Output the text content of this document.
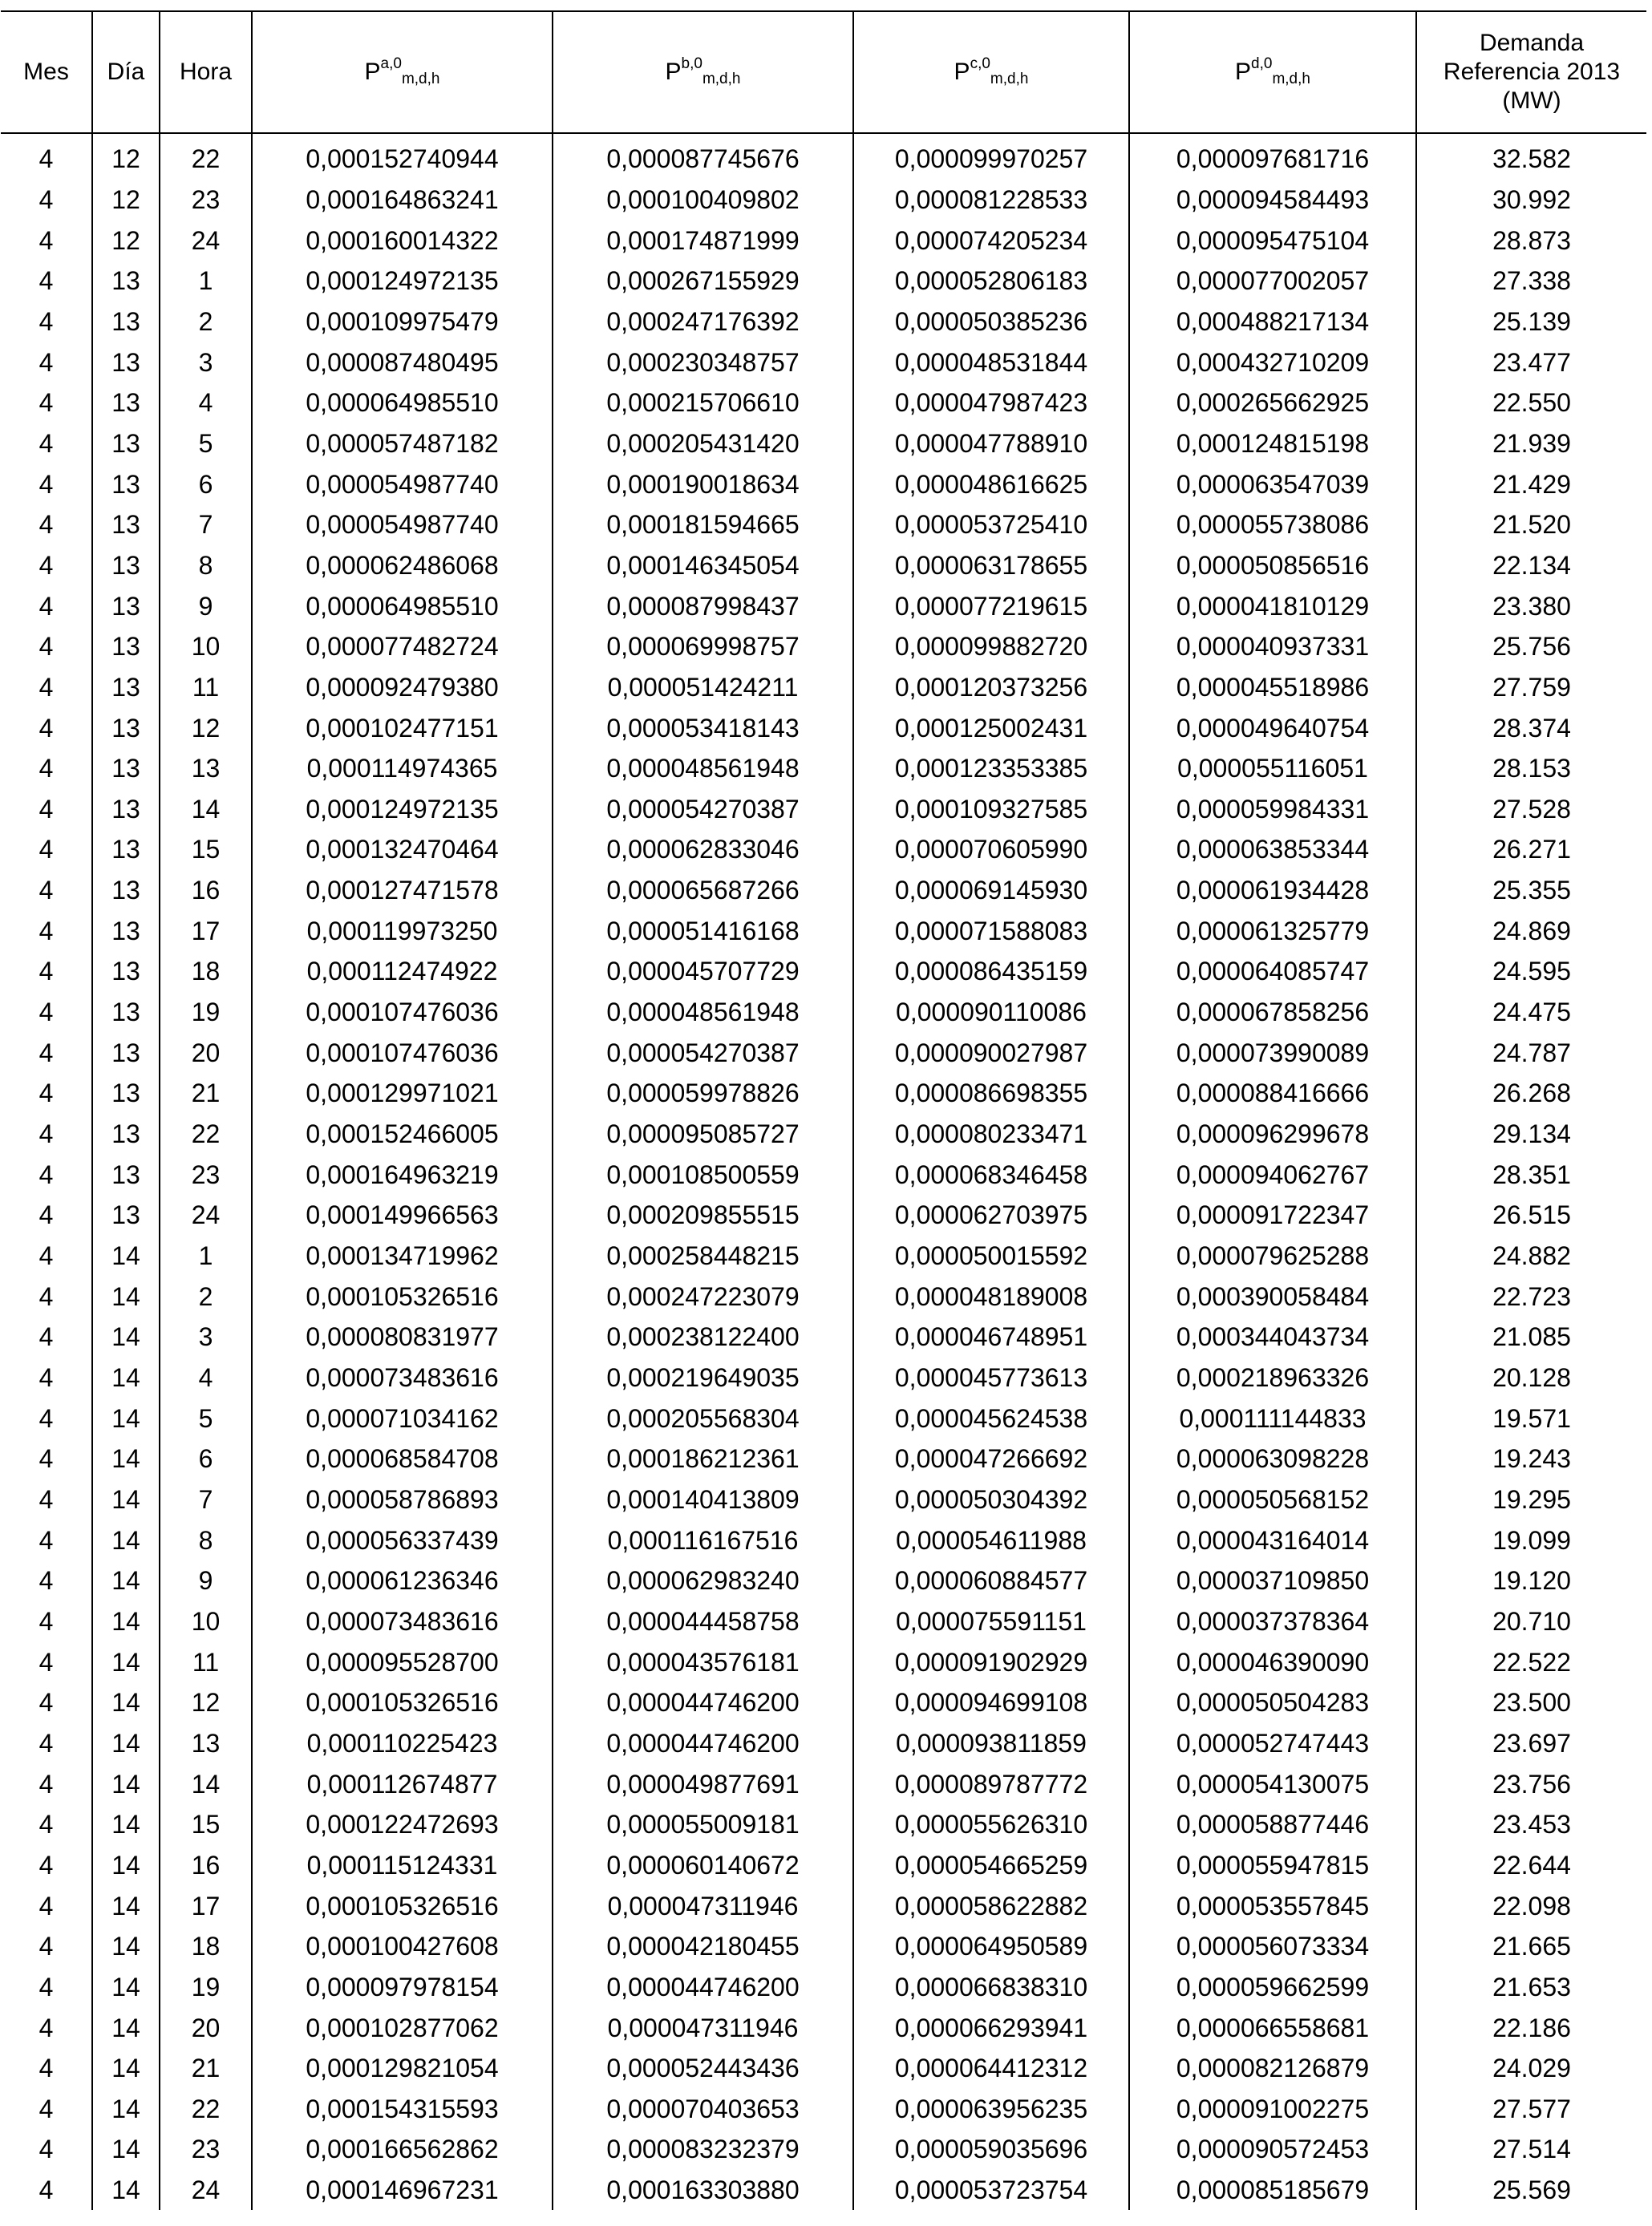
Mes	Día	Hora	P$^{a,0}_{m,d,h}$	P$^{b,0}_{m,d,h}$	P$^{c,0}_{m,d,h}$	P$^{d,0}_{m,d,h}$	Demanda
Referencia 2013
(MW)
4	12	22	0,000152740944	0,000087745676	0,000099970257	0,000097681716	32.582
4	12	23	0,000164863241	0,000100409802	0,000081228533	0,000094584493	30.992
4	12	24	0,000160014322	0,000174871999	0,000074205234	0,000095475104	28.873
4	13	1	0,000124972135	0,000267155929	0,000052806183	0,000077002057	27.338
4	13	2	0,000109975479	0,000247176392	0,000050385236	0,000488217134	25.139
4	13	3	0,000087480495	0,000230348757	0,000048531844	0,000432710209	23.477
4	13	4	0,000064985510	0,000215706610	0,000047987423	0,000265662925	22.550
4	13	5	0,000057487182	0,000205431420	0,000047788910	0,000124815198	21.939
4	13	6	0,000054987740	0,000190018634	0,000048616625	0,000063547039	21.429
4	13	7	0,000054987740	0,000181594665	0,000053725410	0,000055738086	21.520
4	13	8	0,000062486068	0,000146345054	0,000063178655	0,000050856516	22.134
4	13	9	0,000064985510	0,000087998437	0,000077219615	0,000041810129	23.380
4	13	10	0,000077482724	0,000069998757	0,000099882720	0,000040937331	25.756
4	13	11	0,000092479380	0,000051424211	0,000120373256	0,000045518986	27.759
4	13	12	0,000102477151	0,000053418143	0,000125002431	0,000049640754	28.374
4	13	13	0,000114974365	0,000048561948	0,000123353385	0,000055116051	28.153
4	13	14	0,000124972135	0,000054270387	0,000109327585	0,000059984331	27.528
4	13	15	0,000132470464	0,000062833046	0,000070605990	0,000063853344	26.271
4	13	16	0,000127471578	0,000065687266	0,000069145930	0,000061934428	25.355
4	13	17	0,000119973250	0,000051416168	0,000071588083	0,000061325779	24.869
4	13	18	0,000112474922	0,000045707729	0,000086435159	0,000064085747	24.595
4	13	19	0,000107476036	0,000048561948	0,000090110086	0,000067858256	24.475
4	13	20	0,000107476036	0,000054270387	0,000090027987	0,000073990089	24.787
4	13	21	0,000129971021	0,000059978826	0,000086698355	0,000088416666	26.268
4	13	22	0,000152466005	0,000095085727	0,000080233471	0,000096299678	29.134
4	13	23	0,000164963219	0,000108500559	0,000068346458	0,000094062767	28.351
4	13	24	0,000149966563	0,000209855515	0,000062703975	0,000091722347	26.515
4	14	1	0,000134719962	0,000258448215	0,000050015592	0,000079625288	24.882
4	14	2	0,000105326516	0,000247223079	0,000048189008	0,000390058484	22.723
4	14	3	0,000080831977	0,000238122400	0,000046748951	0,000344043734	21.085
4	14	4	0,000073483616	0,000219649035	0,000045773613	0,000218963326	20.128
4	14	5	0,000071034162	0,000205568304	0,000045624538	0,000111144833	19.571
4	14	6	0,000068584708	0,000186212361	0,000047266692	0,000063098228	19.243
4	14	7	0,000058786893	0,000140413809	0,000050304392	0,000050568152	19.295
4	14	8	0,000056337439	0,000116167516	0,000054611988	0,000043164014	19.099
4	14	9	0,000061236346	0,000062983240	0,000060884577	0,000037109850	19.120
4	14	10	0,000073483616	0,000044458758	0,000075591151	0,000037378364	20.710
4	14	11	0,000095528700	0,000043576181	0,000091902929	0,000046390090	22.522
4	14	12	0,000105326516	0,000044746200	0,000094699108	0,000050504283	23.500
4	14	13	0,000110225423	0,000044746200	0,000093811859	0,000052747443	23.697
4	14	14	0,000112674877	0,000049877691	0,000089787772	0,000054130075	23.756
4	14	15	0,000122472693	0,000055009181	0,000055626310	0,000058877446	23.453
4	14	16	0,000115124331	0,000060140672	0,000054665259	0,000055947815	22.644
4	14	17	0,000105326516	0,000047311946	0,000058622882	0,000053557845	22.098
4	14	18	0,000100427608	0,000042180455	0,000064950589	0,000056073334	21.665
4	14	19	0,000097978154	0,000044746200	0,000066838310	0,000059662599	21.653
4	14	20	0,000102877062	0,000047311946	0,000066293941	0,000066558681	22.186
4	14	21	0,000129821054	0,000052443436	0,000064412312	0,000082126879	24.029
4	14	22	0,000154315593	0,000070403653	0,000063956235	0,000091002275	27.577
4	14	23	0,000166562862	0,000083232379	0,000059035696	0,000090572453	27.514
4	14	24	0,000146967231	0,000163303880	0,000053723754	0,000085185679	25.569
